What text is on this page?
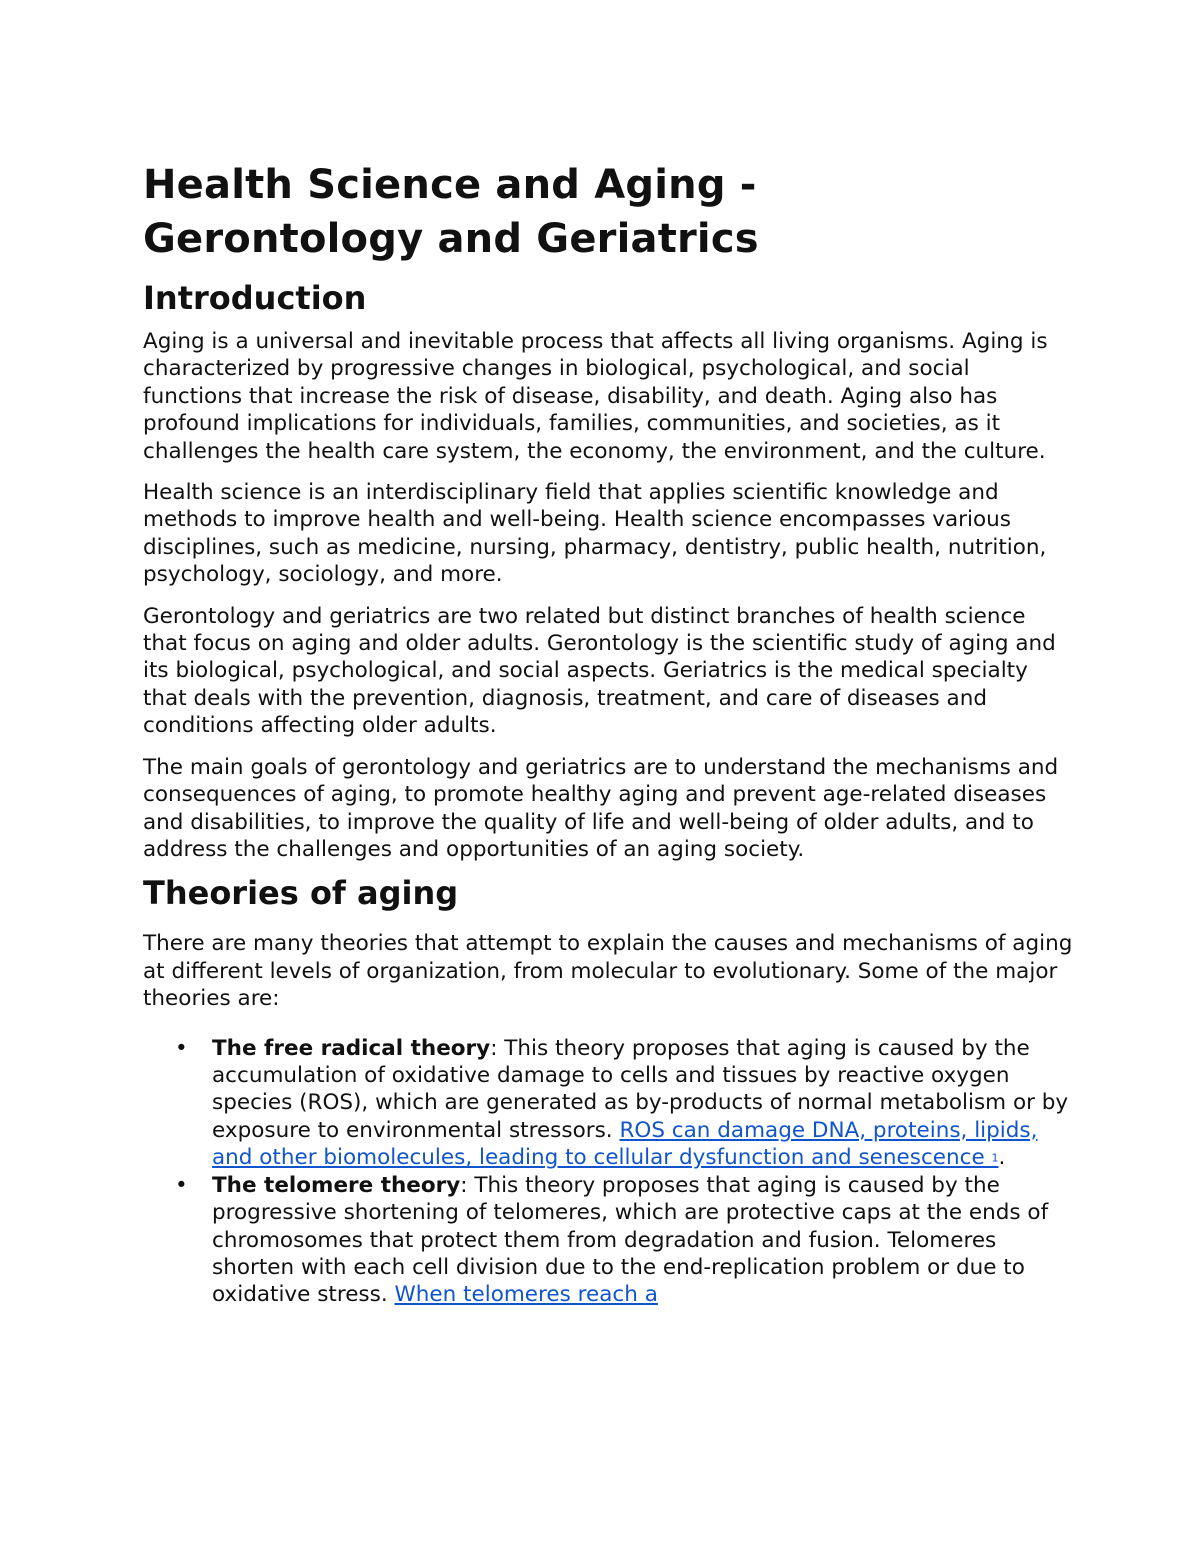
Health Science and Aging -
Gerontology and Geriatrics
Introduction

Aging is a universal and inevitable process that affects all living organisms. Aging is characterized by progressive changes in biological, psychological, and social functions that increase the risk of disease, disability, and death. Aging also has profound implications for individuals, families, communities, and societies, as it challenges the health care system, the economy, the environment, and the culture.

Health science is an interdisciplinary field that applies scientific knowledge and methods to improve health and well-being. Health science encompasses various disciplines, such as medicine, nursing, pharmacy, dentistry, public health, nutrition, psychology, sociology, and more.

Gerontology and geriatrics are two related but distinct branches of health science that focus on aging and older adults. Gerontology is the scientific study of aging and its biological, psychological, and social aspects. Geriatrics is the medical specialty that deals with the prevention, diagnosis, treatment, and care of diseases and conditions affecting older adults.

The main goals of gerontology and geriatrics are to understand the mechanisms and consequences of aging, to promote healthy aging and prevent age-related diseases and disabilities, to improve the quality of life and well-being of older adults, and to address the challenges and opportunities of an aging society.

Theories of aging

There are many theories that attempt to explain the causes and mechanisms of aging at different levels of organization, from molecular to evolutionary. Some of the major theories are:

• The free radical theory: This theory proposes that aging is caused by the accumulation of oxidative damage to cells and tissues by reactive oxygen species (ROS), which are generated as by-products of normal metabolism or by exposure to environmental stressors. ROS can damage DNA, proteins, lipids, and other biomolecules, leading to cellular dysfunction and senescence 1.
• The telomere theory: This theory proposes that aging is caused by the progressive shortening of telomeres, which are protective caps at the ends of chromosomes that protect them from degradation and fusion. Telomeres shorten with each cell division due to the end-replication problem or due to oxidative stress. When telomeres reach a
